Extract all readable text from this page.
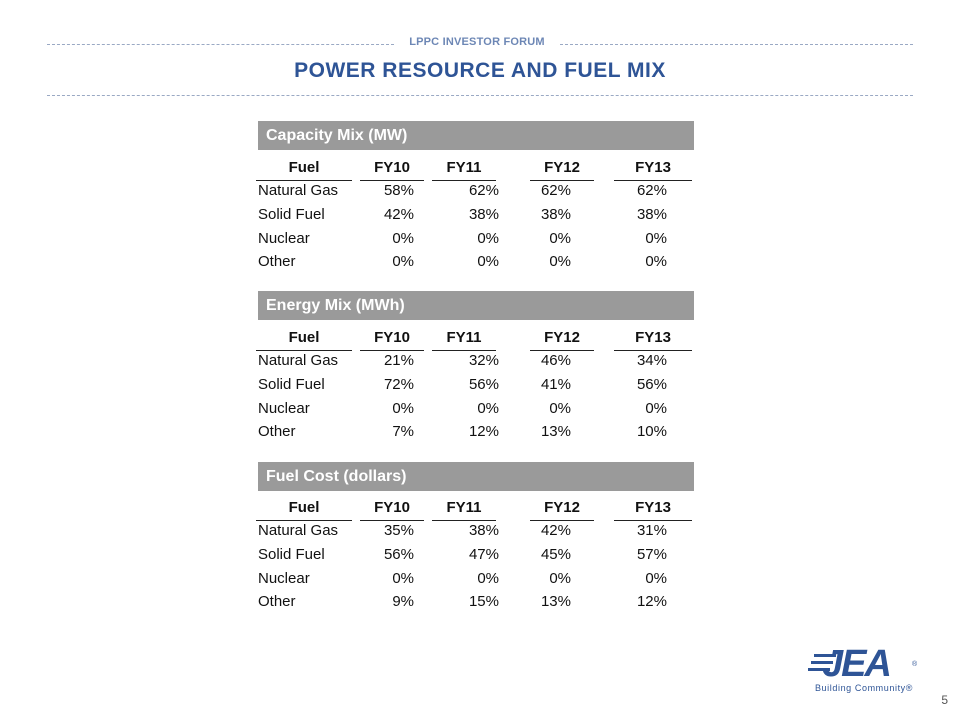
LPPC INVESTOR FORUM
POWER RESOURCE AND FUEL MIX
Capacity Mix (MW)
Fuel	FY10	FY11	FY12	FY13
Natural Gas	58%	62%	62%	62%
Solid Fuel	42%	38%	38%	38%
Nuclear	0%	0%	0%	0%
Other	0%	0%	0%	0%
Energy Mix (MWh)
Fuel	FY10	FY11	FY12	FY13
Natural Gas	21%	32%	46%	34%
Solid Fuel	72%	56%	41%	56%
Nuclear	0%	0%	0%	0%
Other	7%	12%	13%	10%
Fuel Cost (dollars)
Fuel	FY10	FY11	FY12	FY13
Natural Gas	35%	38%	42%	31%
Solid Fuel	56%	47%	45%	57%
Nuclear	0%	0%	0%	0%
Other	9%	15%	13%	12%
JEA	®
Building Community®
5
